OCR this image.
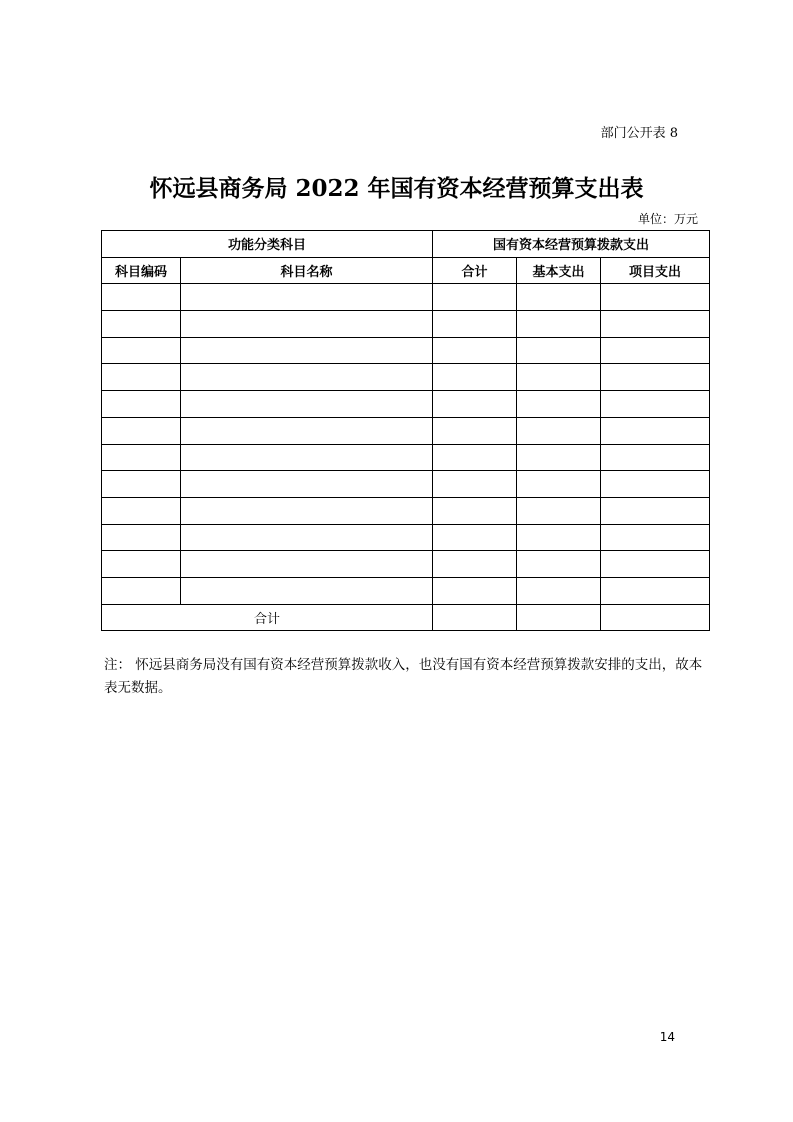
部门公开表 8
怀远县商务局 2022 年国有资本经营预算支出表
单位：万元
功能分类科目		国有资本经营预算拨款支出		
科目编码	科目名称	合计	基本支出	项目支出

合计				
注： 怀远县商务局没有国有资本经营预算拨款收入，也没有国有资本经营预算拨款安排的支出，故本表无数据。
14
